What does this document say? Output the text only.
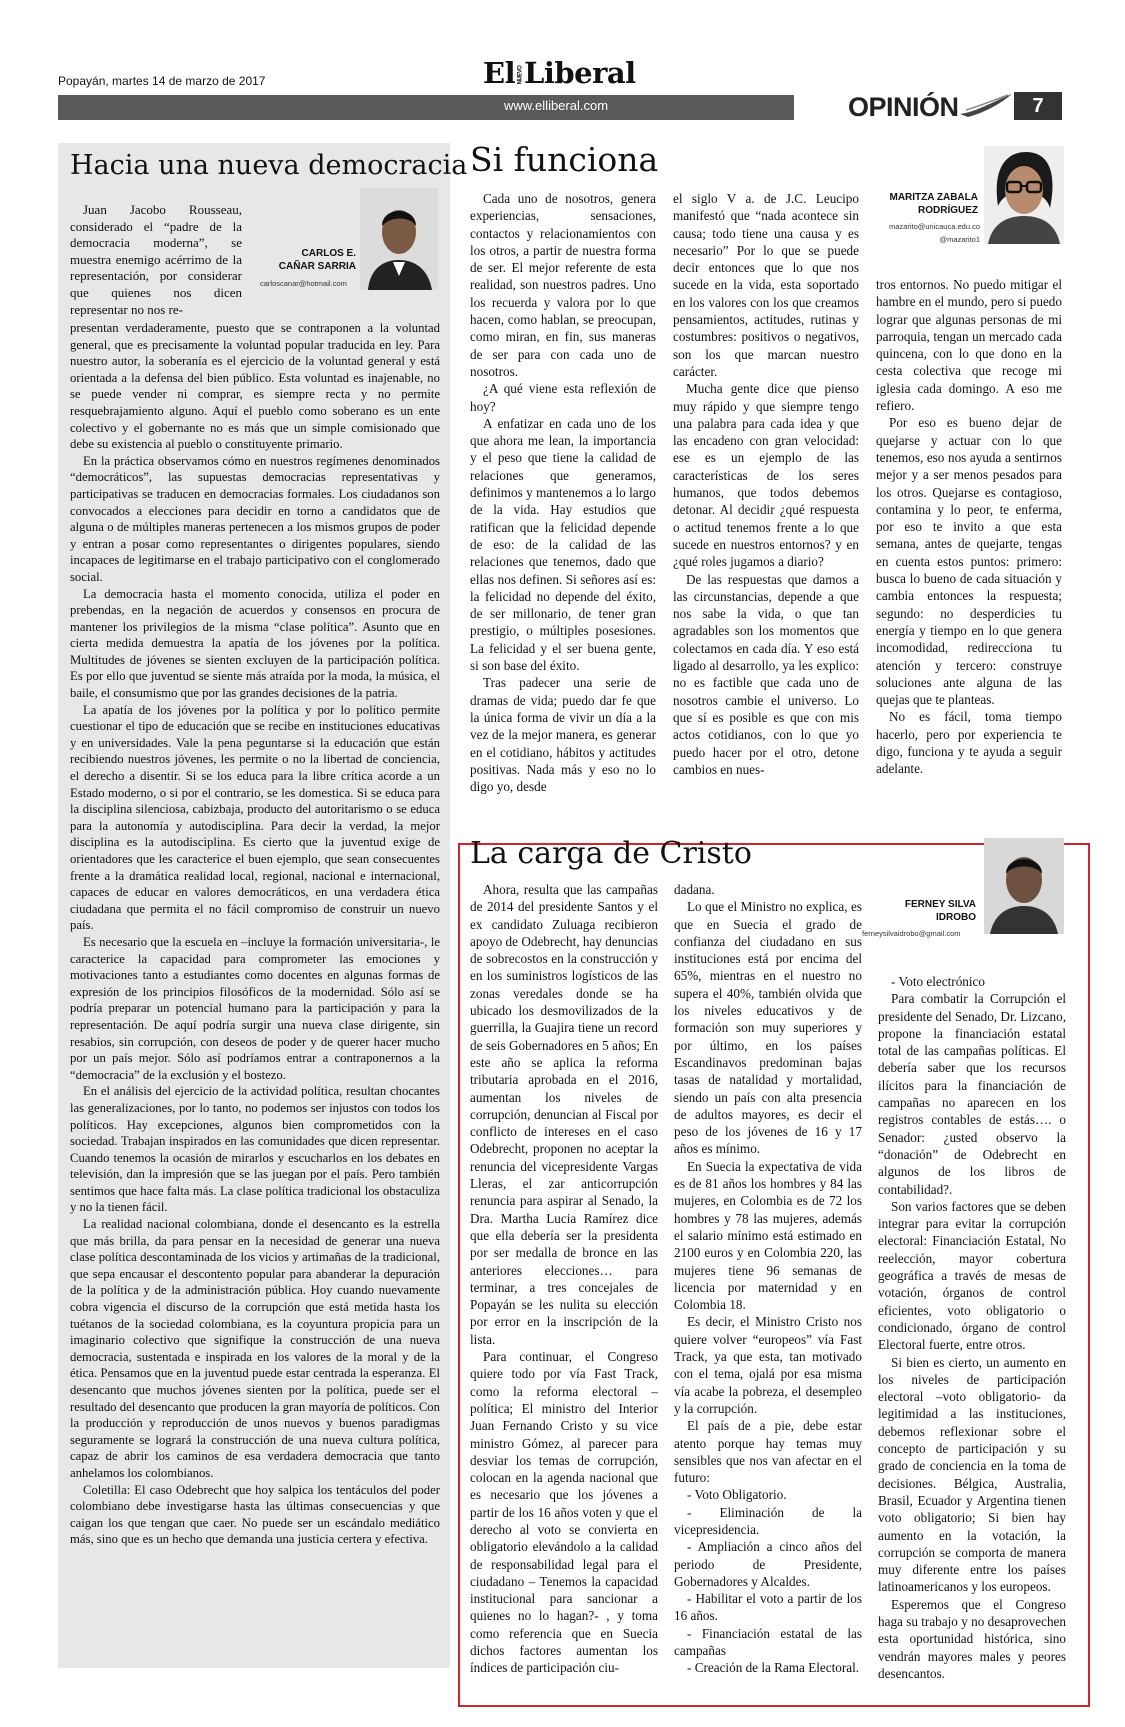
Popayán, martes 14 de marzo de 2017	El NUEVOLiberal
www.elliberal.com	OPINIÓN	7
Hacia una nueva democracia
CARLOS E. CAÑAR SARRIA
carloscanar@hotmail.com

Juan Jacobo Rousseau, considerado el “padre de la democracia moderna”, se muestra enemigo acérrimo de la representación, por considerar que quienes nos dicen representar no nos re-

presentan verdaderamente, puesto que se contraponen a la voluntad general, que es precisamente la voluntad popular traducida en ley. Para nuestro autor, la soberanía es el ejercicio de la voluntad general y está orientada a la defensa del bien público. Esta voluntad es inajenable, no se puede vender ni comprar, es siempre recta y no permite resquebrajamiento alguno. Aquí el pueblo como soberano es un ente colectivo y el gobernante no es más que un simple comisionado que debe su existencia al pueblo o constituyente primario.

En la práctica observamos cómo en nuestros regímenes denominados “democráticos”, las supuestas democracias representativas y participativas se traducen en democracias formales. Los ciudadanos son convocados a elecciones para decidir en torno a candidatos que de alguna o de múltiples maneras pertenecen a los mismos grupos de poder y entran a posar como representantes o dirigentes populares, siendo incapaces de legitimarse en el trabajo participativo con el conglomerado social.

La democracia hasta el momento conocida, utiliza el poder en prebendas, en la negación de acuerdos y consensos en procura de mantener los privilegios de la misma “clase política”. Asunto que en cierta medida demuestra la apatía de los jóvenes por la política. Multitudes de jóvenes se sienten excluyen de la participación política. Es por ello que juventud se siente más atraída por la moda, la música, el baile, el consumismo que por las grandes decisiones de la patria.

La apatía de los jóvenes por la política y por lo político permite cuestionar el tipo de educación que se recibe en instituciones educativas y en universidades. Vale la pena peguntarse si la educación que están recibiendo nuestros jóvenes, les permite o no la libertad de conciencia, el derecho a disentir. Si se los educa para la libre crítica acorde a un Estado moderno, o si por el contrario, se les domestica. Si se educa para la disciplina silenciosa, cabizbaja, producto del autoritarismo o se educa para la autonomía y autodisciplina. Para decir la verdad, la mejor disciplina es la autodisciplina. Es cierto que la juventud exige de orientadores que les caracterice el buen ejemplo, que sean consecuentes frente a la dramática realidad local, regional, nacional e internacional, capaces de educar en valores democráticos, en una verdadera ética ciudadana que permita el no fácil compromiso de construir un nuevo país.

Es necesario que la escuela en –incluye la formación universitaria-, le caracterice la capacidad para comprometer las emociones y motivaciones tanto a estudiantes como docentes en algunas formas de expresión de los principios filosóficos de la modernidad. Sólo así se podría preparar un potencial humano para la participación y para la representación. De aquí podría surgir una nueva clase dirigente, sin resabios, sin corrupción, con deseos de poder y de querer hacer mucho por un país mejor. Sólo así podríamos entrar a contraponernos a la “democracia” de la exclusión y el bostezo.

En el análisis del ejercicio de la actividad política, resultan chocantes las generalizaciones, por lo tanto, no podemos ser injustos con todos los políticos. Hay excepciones, algunos bien comprometidos con la sociedad. Trabajan inspirados en las comunidades que dicen representar. Cuando tenemos la ocasión de mirarlos y escucharlos en los debates en televisión, dan la impresión que se las juegan por el país. Pero también sentimos que hace falta más. La clase política tradicional los obstaculiza y no la tienen fácil.

La realidad nacional colombiana, donde el desencanto es la estrella que más brilla, da para pensar en la necesidad de generar una nueva clase política descontaminada de los vicios y artimañas de la tradicional, que sepa encausar el descontento popular para abanderar la depuración de la política y de la administración pública. Hoy cuando nuevamente cobra vigencia el discurso de la corrupción que está metida hasta los tuétanos de la sociedad colombiana, es la coyuntura propicia para un imaginario colectivo que signifique la construcción de una nueva democracia, sustentada e inspirada en los valores de la moral y de la ética. Pensamos que en la juventud puede estar centrada la esperanza. El desencanto que muchos jóvenes sienten por la política, puede ser el resultado del desencanto que producen la gran mayoría de políticos. Con la producción y reproducción de unos nuevos y buenos paradigmas seguramente se logrará la construcción de una nueva cultura política, capaz de abrir los caminos de esa verdadera democracia que tanto anhelamos los colombianos.

Coletilla: El caso Odebrecht que hoy salpica los tentáculos del poder colombiano debe investigarse hasta las últimas consecuencias y que caigan los que tengan que caer. No puede ser un escándalo mediático más, sino que es un hecho que demanda una justicia certera y efectiva.

Si funciona
MARITZA ZABALA RODRÍGUEZ
mazarito@unicauca.edu.co
@mazarito1

Cada uno de nosotros, genera experiencias, sensaciones, contactos y relacionamientos con los otros, a partir de nuestra forma de ser. El mejor referente de esta realidad, son nuestros padres. Uno los recuerda y valora por lo que hacen, como hablan, se preocupan, como miran, en fin, sus maneras de ser para con cada uno de nosotros.

¿A qué viene esta reflexión de hoy?

A enfatizar en cada uno de los que ahora me lean, la importancia y el peso que tiene la calidad de relaciones que generamos, definimos y mantenemos a lo largo de la vida. Hay estudios que ratifican que la felicidad depende de eso: de la calidad de las relaciones que tenemos, dado que ellas nos definen. Si señores así es: la felicidad no depende del éxito, de ser millonario, de tener gran prestigio, o múltiples posesiones. La felicidad y el ser buena gente, si son base del éxito.

Tras padecer una serie de dramas de vida; puedo dar fe que la única forma de vivir un día a la vez de la mejor manera, es generar en el cotidiano, hábitos y actitudes positivas. Nada más y eso no lo digo yo, desde

el siglo V a. de J.C. Leucipo manifestó que “nada acontece sin causa; todo tiene una causa y es necesario” Por lo que se puede decir entonces que lo que nos sucede en la vida, esta soportado en los valores con los que creamos pensamientos, actitudes, rutinas y costumbres: positivos o negativos, son los que marcan nuestro carácter.

Mucha gente dice que pienso muy rápido y que siempre tengo una palabra para cada idea y que las encadeno con gran velocidad: ese es un ejemplo de las características de los seres humanos, que todos debemos detonar. Al decidir ¿qué respuesta o actitud tenemos frente a lo que sucede en nuestros entornos? y en ¿qué roles jugamos a diario?

De las respuestas que damos a las circunstancias, depende a que nos sabe la vida, o que tan agradables son los momentos que colectamos en cada día. Y eso está ligado al desarrollo, ya les explico: no es factible que cada uno de nosotros cambie el universo. Lo que sí es posible es que con mis actos cotidianos, con lo que yo puedo hacer por el otro, detone cambios en nues-

tros entornos. No puedo mitigar el hambre en el mundo, pero si puedo lograr que algunas personas de mi parroquia, tengan un mercado cada quincena, con lo que dono en la cesta colectiva que recoge mi iglesia cada domingo. A eso me refiero.

Por eso es bueno dejar de quejarse y actuar con lo que tenemos, eso nos ayuda a sentirnos mejor y a ser menos pesados para los otros. Quejarse es contagioso, contamina y lo peor, te enferma, por eso te invito a que esta semana, antes de quejarte, tengas en cuenta estos puntos: primero: busca lo bueno de cada situación y cambia entonces la respuesta; segundo: no desperdicies tu energía y tiempo en lo que genera incomodidad, redirecciona tu atención y tercero: construye soluciones ante alguna de las quejas que te planteas.

No es fácil, toma tiempo hacerlo, pero por experiencia te digo, funciona y te ayuda a seguir adelante.

La carga de Cristo
FERNEY SILVA IDROBO
ferneysilvaidrobo@gmail.com

Ahora, resulta que las campañas de 2014 del presidente Santos y el ex candidato Zuluaga recibieron apoyo de Odebrecht, hay denuncias de sobrecostos en la construcción y en los suministros logísticos de las zonas veredales donde se ha ubicado los desmovilizados de la guerrilla, la Guajira tiene un record de seis Gobernadores en 5 años; En este año se aplica la reforma tributaria aprobada en el 2016, aumentan los niveles de corrupción, denuncian al Fiscal por conflicto de intereses en el caso Odebrecht, proponen no aceptar la renuncia del vicepresidente Vargas Lleras, el zar anticorrupción renuncia para aspirar al Senado, la Dra. Martha Lucia Ramírez dice que ella debería ser la presidenta por ser medalla de bronce en las anteriores elecciones… para terminar, a tres concejales de Popayán se les nulita su elección por error en la inscripción de la lista.

Para continuar, el Congreso quiere todo por vía Fast Track, como la reforma electoral – política; El ministro del Interior Juan Fernando Cristo y su vice ministro Gómez, al parecer para desviar los temas de corrupción, colocan en la agenda nacional que es necesario que los jóvenes a partir de los 16 años voten y que el derecho al voto se convierta en obligatorio elevándolo a la calidad de responsabilidad legal para el ciudadano – Tenemos la capacidad institucional para sancionar a quienes no lo hagan?- , y toma como referencia que en Suecia dichos factores aumentan los índices de participación ciu-

dadana.

Lo que el Ministro no explica, es que en Suecia el grado de confianza del ciudadano en sus instituciones está por encima del 65%, mientras en el nuestro no supera el 40%, también olvida que los niveles educativos y de formación son muy superiores y por último, en los países Escandinavos predominan bajas tasas de natalidad y mortalidad, siendo un país con alta presencia de adultos mayores, es decir el peso de los jóvenes de 16 y 17 años es mínimo.

En Suecia la expectativa de vida es de 81 años los hombres y 84 las mujeres, en Colombia es de 72 los hombres y 78 las mujeres, además el salario mínimo está estimado en 2100 euros y en Colombia 220, las mujeres tiene 96 semanas de licencia por maternidad y en Colombia 18.

Es decir, el Ministro Cristo nos quiere volver “europeos” vía Fast Track, ya que esta, tan motivado con el tema, ojalá por esa misma vía acabe la pobreza, el desempleo y la corrupción.

El país de a pie, debe estar atento porque hay temas muy sensibles que nos van afectar en el futuro:

- Voto Obligatorio.

- Eliminación de la vicepresidencia.

- Ampliación a cinco años del periodo de Presidente, Gobernadores y Alcaldes.

- Habilitar el voto a partir de los 16 años.

- Financiación estatal de las campañas

- Creación de la Rama Electoral.

- Voto electrónico

Para combatir la Corrupción el presidente del Senado, Dr. Lizcano, propone la financiación estatal total de las campañas políticas. El debería saber que los recursos ilícitos para la financiación de campañas no aparecen en los registros contables de estás…. o Senador: ¿usted observo la “donación” de Odebrecht en algunos de los libros de contabilidad?.

Son varios factores que se deben integrar para evitar la corrupción electoral: Financiación Estatal, No reelección, mayor cobertura geográfica a través de mesas de votación, órganos de control eficientes, voto obligatorio o condicionado, órgano de control Electoral fuerte, entre otros.

Si bien es cierto, un aumento en los niveles de participación electoral –voto obligatorio- da legitimidad a las instituciones, debemos reflexionar sobre el concepto de participación y su grado de conciencia en la toma de decisiones. Bélgica, Australia, Brasil, Ecuador y Argentina tienen voto obligatorio; Si bien hay aumento en la votación, la corrupción se comporta de manera muy diferente entre los países latinoamericanos y los europeos.

Esperemos que el Congreso haga su trabajo y no desaprovechen esta oportunidad histórica, sino vendrán mayores males y peores desencantos.
